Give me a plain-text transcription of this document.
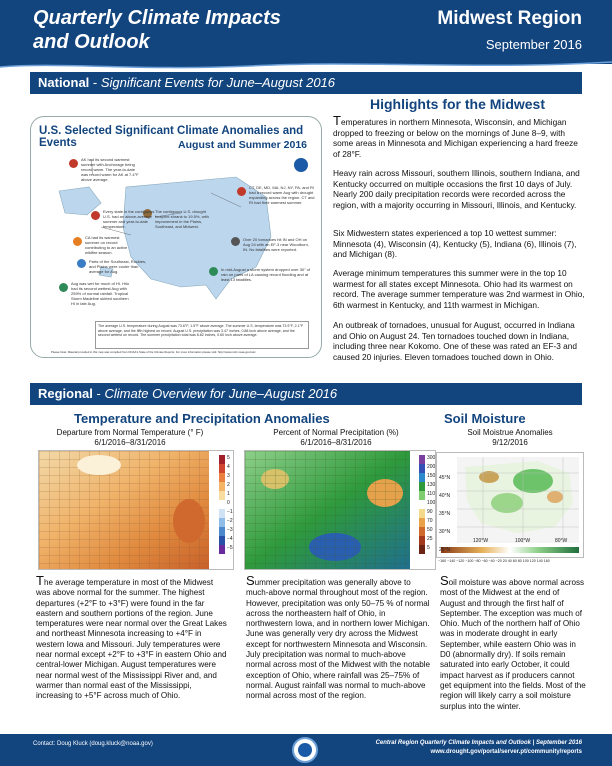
Quarterly Climate Impacts
and Outlook
Midwest Region
September 2016
National - Significant Events for June–August 2016
U.S. Selected Significant Climate Anomalies and Events	August and Summer 2016
AK had its second warmest summer with Anchorage being record warm. The year-to-date was record warm for AK at 7.4°F above average.
Every state in the contiguous U.S. had an above-average summer and year-to-date temperature.
CA had its warmest summer on record contributing to an active wildfire season.
Parts of the Southeast, Rockies, and Plains were cooler than average for Aug.
Aug was wet for much of HI. Hilo had its second wettest Aug with 259% of normal rainfall. Tropical Storm Madeline skirted southern HI in late Aug.
The contiguous U.S. drought footprint shrank to 19.5%, with improvement in the Plains, Southeast, and Midwest.
CT, DE, MD, MA, NJ, NY, PA, and RI had a record warm Aug with drought expanding across the region. CT and RI had their warmest summer.
Over 20 tornadoes hit IN and OH on Aug 24 with an EF-3 near Woodburn, IN. No fatalities were reported.
In mid-August a storm system dropped over 30" of rain on parts of LA causing record flooding and at least 13 fatalities.
The average U.S. temperature during August was 73.6°F, 1.5°F above average. The summer U.S. temperature was 73.9°F, 2.1°F above average, and the fifth highest on record. August U.S. precipitation was 3.47 inches, 0.88 inch above average, and the second wettest on record. The summer precipitation total was 8.82 inches, 0.60 inch above average.
Please Note: Material provided in this map was compiled from NOAA's State of the Climate Reports. For more information please visit: http://www.ncdc.noaa.gov/sotc
Highlights for the Midwest
Temperatures in northern Minnesota, Wisconsin, and Michigan dropped to freezing or below on the mornings of June 8–9, with some areas in Minnesota and Michigan experiencing a hard freeze of 28°F.
Heavy rain across Missouri, southern Illinois, southern Indiana, and Kentucky occurred on multiple occasions the first 10 days of July. Nearly 200 daily precipitation records were recorded across the region, with a majority occurring in Missouri, Illinois, and Kentucky.
Six Midwestern states experienced a top 10 wettest summer: Minnesota (4), Wisconsin (4), Kentucky (5), Indiana (6), Illinois (7), and Michigan (8).
Average minimum temperatures this summer were in the top 10 warmest for all states except Minnesota. Ohio had its warmest on record. The average summer temperature was 2nd warmest in Ohio, 6th warmest in Kentucky, and 11th warmest in Michigan.
An outbreak of tornadoes, unusual for August, occurred in Indiana and Ohio on August 24. Ten tornadoes touched down in Indiana, including three near Kokomo. One of these was rated an EF-3 and caused 20 injuries. Eleven tornadoes touched down in Ohio.
Regional - Climate Overview for June–August 2016
Temperature and Precipitation Anomalies	Soil Moisture
Departure from Normal Temperature (° F)
6/1/2016–8/31/2016
5
4
3
2
1
0
−1
−2
−3
−4
−5
Percent of Normal Precipitation (%)
6/1/2016–8/31/2016
300
200
150
130
110
100
90
70
50
25
5
Soil Moistrue Anomalies
9/12/2016
45°N
40°N
35°N
30°N
25°N
120°W	100°W	80°W
−160 −140 −120 −100 −80 −60 −40 −20 20 40 60 80 100 120 140 160
The average temperature in most of the Midwest was above normal for the summer. The highest departures (+2°F to +3°F) were found in the far eastern and southern portions of the region. June temperatures were near normal over the Great Lakes and northeast Minnesota increasing to +4°F in western Iowa and Missouri. July temperatures were near normal except +2°F to +3°F in eastern Ohio and central-lower Michigan. August temperatures were near normal west of the Mississippi River and, and warmer than normal east of the Mississippi, increasing to +5°F across much of Ohio.
Summer precipitation was generally above to much-above normal throughout most of the region. However, precipitation was only 50–75 % of normal across the northeastern half of Ohio, in northwestern Iowa, and in northern lower Michigan. June was generally very dry across the Midwest except for northwestern Minnesota and Wisconsin. July precipitation was normal to much-above normal across most of the Midwest with the notable exception of Ohio, where rainfall was 25–75% of normal. August rainfall was normal to much-above normal across most of the region.
Soil moisture was above normal across most of the Midwest at the end of August and through the first half of September. The exception was much of Ohio. Much of the northern half of Ohio was in moderate drought in early September, while eastern Ohio was in D0 (abnormally dry). If soils remain saturated into early October, it could impact harvest as if producers cannot get equipment into the fields. Most of the region will likely carry a soil moisture surplus into the winter.
Contact: Doug Kluck (doug.kluck@noaa.gov)	Central Region Quarterly Climate Impacts and Outlook | September 2016
www.drought.gov/portal/server.pt/community/reports
